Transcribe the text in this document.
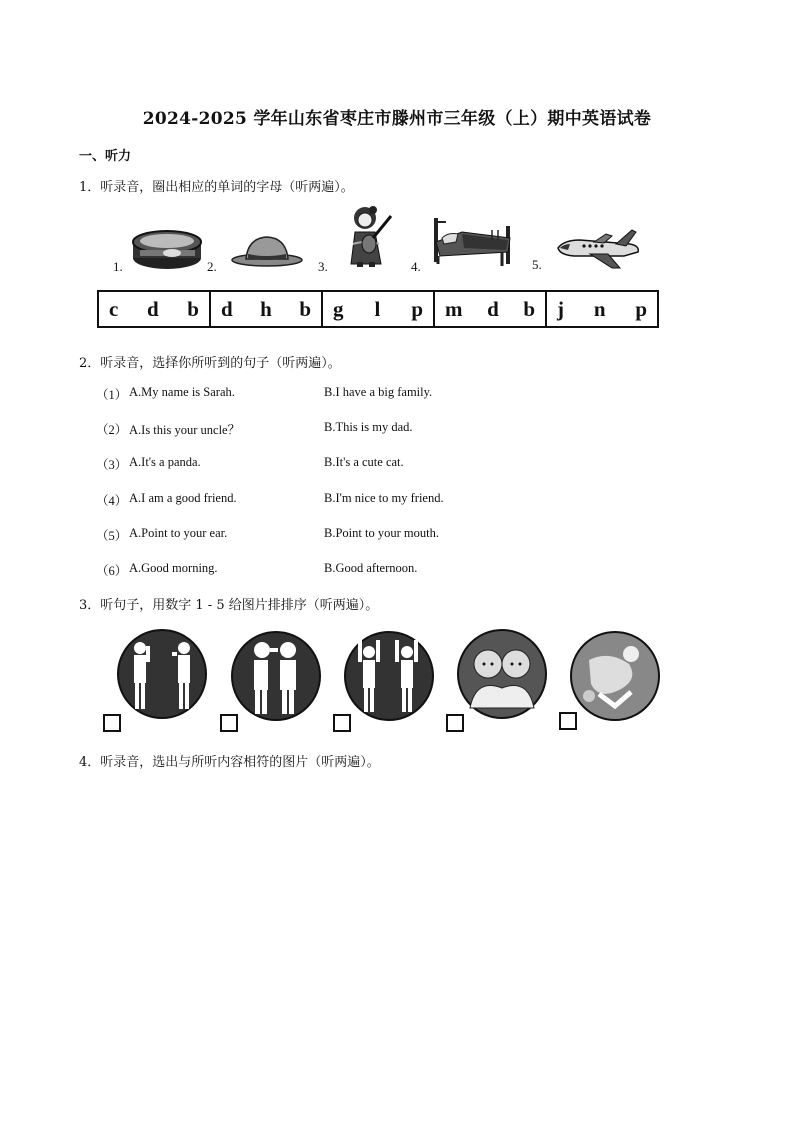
2024-2025 学年山东省枣庄市滕州市三年级（上）期中英语试卷
一、听力
1．听录音，圈出相应的单词的字母（听两遍）。
1.	2.	3.	4.	5.
c d b d h b g l p m d b j n p
2．听录音，选择你所听到的句子（听两遍）。
（1） A.My name is Sarah.	B.I have a big family.
（2） A.Is this your uncle？	B.This is my dad.
（3） A.It's a panda.	B.It's a cute cat.
（4） A.I am a good friend.	B.I'm nice to my friend.
（5） A.Point to your ear.	B.Point to your mouth.
（6） A.Good morning.	B.Good afternoon.
3．听句子，用数字 1 - 5 给图片排排序（听两遍）。
4．听录音，选出与所听内容相符的图片（听两遍）。
